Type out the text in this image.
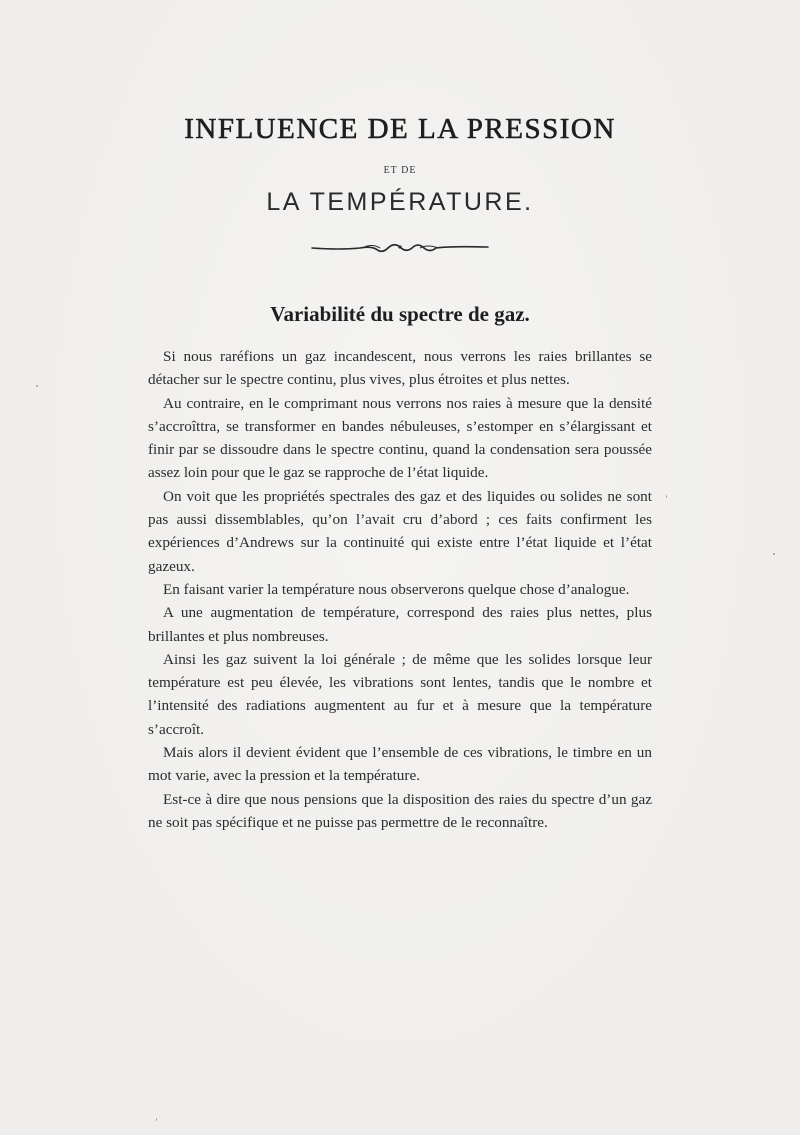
INFLUENCE DE LA PRESSION
ET DE
LA TEMPÉRATURE.
Variabilité du spectre de gaz.

Si nous raréfions un gaz incandescent, nous verrons les raies brillantes se détacher sur le spectre continu, plus vives, plus étroites et plus nettes.

Au contraire, en le comprimant nous verrons nos raies à mesure que la densité s’accroîttra, se transformer en bandes nébuleuses, s’estomper en s’élargissant et finir par se dissoudre dans le spectre continu, quand la condensation sera poussée assez loin pour que le gaz se rapproche de l’état liquide.

On voit que les propriétés spectrales des gaz et des liquides ou solides ne sont pas aussi dissemblables, qu’on l’avait cru d’abord ; ces faits confirment les expériences d’Andrews sur la continuité qui existe entre l’état liquide et l’état gazeux.

En faisant varier la température nous observerons quelque chose d’analogue.

A une augmentation de température, correspond des raies plus nettes, plus brillantes et plus nombreuses.

Ainsi les gaz suivent la loi générale ; de même que les solides lorsque leur température est peu élevée, les vibrations sont lentes, tandis que le nombre et l’intensité des radiations augmentent au fur et à mesure que la température s’accroît.

Mais alors il devient évident que l’ensemble de ces vibrations, le timbre en un mot varie, avec la pression et la température.

Est-ce à dire que nous pensions que la disposition des raies du spectre d’un gaz ne soit pas spécifique et ne puisse pas permettre de le reconnaître.
